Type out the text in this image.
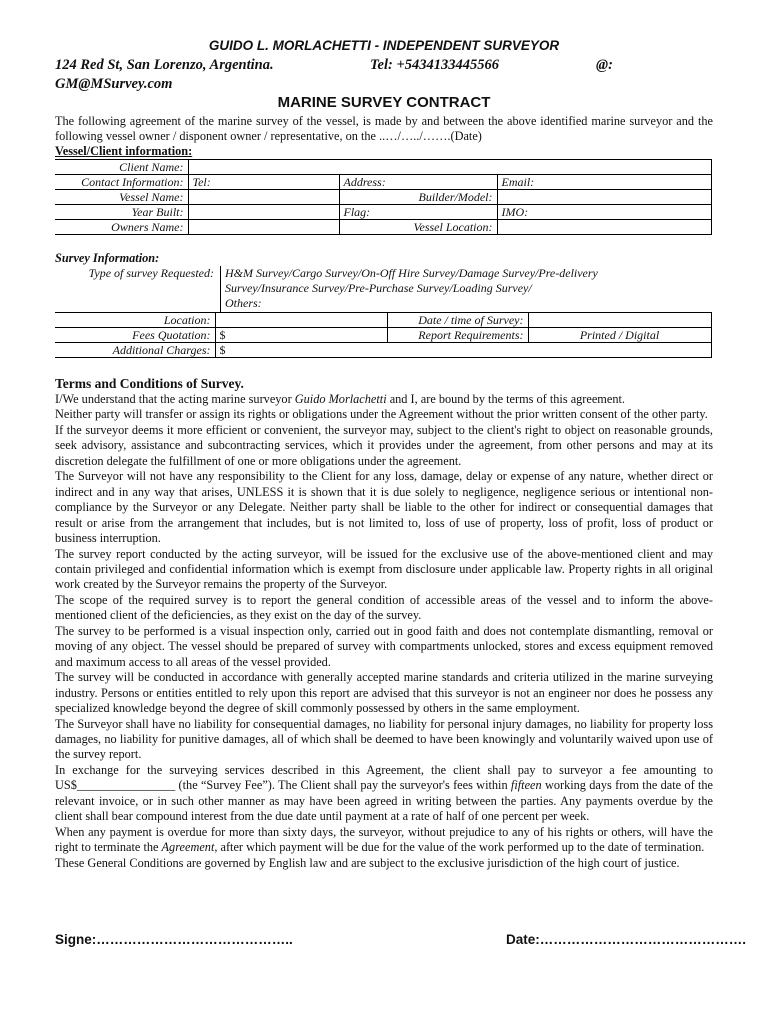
GUIDO L. MORLACHETTI - INDEPENDENT SURVEYOR
124 Red St, San Lorenzo, Argentina.	Tel: +5434133445566	@:
GM@MSurvey.com
MARINE SURVEY CONTRACT
The following agreement of the marine survey of the vessel, is made by and between the above identified marine surveyor and the following vessel owner / disponent owner / representative, on the ..…/…../…….(Date)
Vessel/Client information:
Client Name:			
Contact Information:	Tel:	Address:	Email:
Vessel Name:		Builder/Model:	
Year Built:		Flag:	IMO:
Owners Name:		Vessel Location:	
Survey Information:
Type of survey Requested: H&M Survey/Cargo Survey/On-Off Hire Survey/Damage Survey/Pre-delivery
Survey/Insurance Survey/Pre-Purchase Survey/Loading Survey/
Others:
Location:		Date / time of Survey:	
Fees Quotation:	$	Report Requirements:	Printed / Digital
Additional Charges:	$		
Terms and Conditions of Survey.

I/We understand that the acting marine surveyor Guido Morlachetti and I, are bound by the terms of this agreement.

Neither party will transfer or assign its rights or obligations under the Agreement without the prior written consent of the other party.

If the surveyor deems it more efficient or convenient, the surveyor may, subject to the client's right to object on reasonable grounds, seek advisory, assistance and subcontracting services, which it provides under the agreement, from other persons and may at its discretion delegate the fulfillment of one or more obligations under the agreement.

The Surveyor will not have any responsibility to the Client for any loss, damage, delay or expense of any nature, whether direct or indirect and in any way that arises, UNLESS it is shown that it is due solely to negligence, negligence serious or intentional non-compliance by the Surveyor or any Delegate. Neither party shall be liable to the other for indirect or consequential damages that result or arise from the arrangement that includes, but is not limited to, loss of use of property, loss of profit, loss of product or business interruption.

The survey report conducted by the acting surveyor, will be issued for the exclusive use of the above-mentioned client and may contain privileged and confidential information which is exempt from disclosure under applicable law. Property rights in all original work created by the Surveyor remains the property of the Surveyor.

The scope of the required survey is to report the general condition of accessible areas of the vessel and to inform the above-mentioned client of the deficiencies, as they exist on the day of the survey.

The survey to be performed is a visual inspection only, carried out in good faith and does not contemplate dismantling, removal or moving of any object. The vessel should be prepared of survey with compartments unlocked, stores and excess equipment removed and maximum access to all areas of the vessel provided.

The survey will be conducted in accordance with generally accepted marine standards and criteria utilized in the marine surveying industry. Persons or entities entitled to rely upon this report are advised that this surveyor is not an engineer nor does he possess any specialized knowledge beyond the degree of skill commonly possessed by others in the same employment.

The Surveyor shall have no liability for consequential damages, no liability for personal injury damages, no liability for property loss damages, no liability for punitive damages, all of which shall be deemed to have been knowingly and voluntarily waived upon use of the survey report.

In exchange for the surveying services described in this Agreement, the client shall pay to surveyor a fee amounting to US$________________ (the “Survey Fee”). The Client shall pay the surveyor's fees within fifteen working days from the date of the relevant invoice, or in such other manner as may have been agreed in writing between the parties. Any payments overdue by the client shall bear compound interest from the due date until payment at a rate of half of one percent per week.

When any payment is overdue for more than sixty days, the surveyor, without prejudice to any of his rights or others, will have the right to terminate the Agreement, after which payment will be due for the value of the work performed up to the date of termination.

These General Conditions are governed by English law and are subject to the exclusive jurisdiction of the high court of justice.

Signe:……………………………………..	Date:……………………………………….
